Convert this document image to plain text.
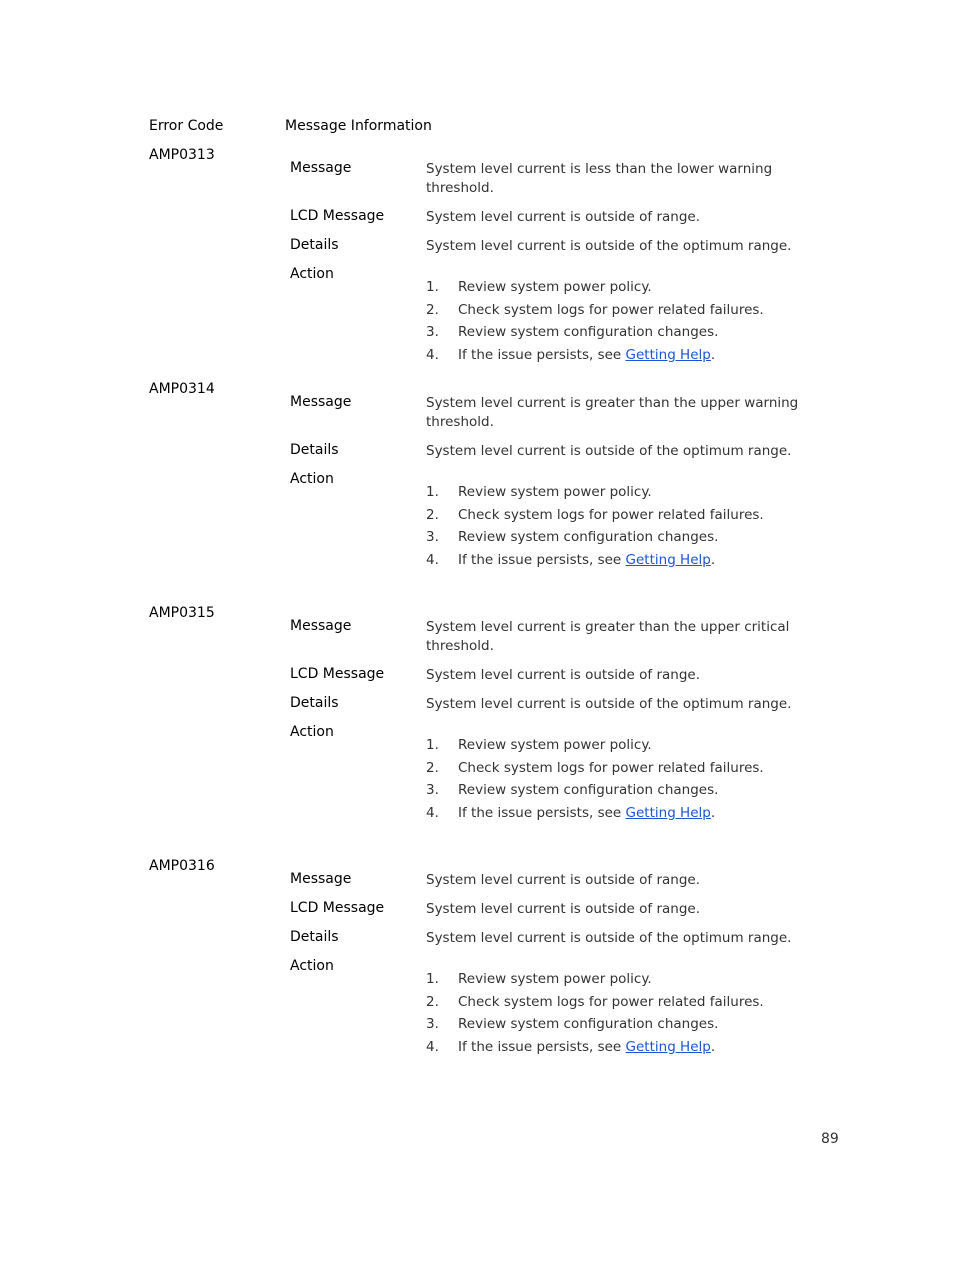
Error Code	Message Information
AMP0313
Message	System level current is less than the lower warning threshold.
LCD Message	System level current is outside of range.
Details	System level current is outside of the optimum range.
Action
1. Review system power policy.
2. Check system logs for power related failures.
3. Review system configuration changes.
4. If the issue persists, see Getting Help.
AMP0314
Message	System level current is greater than the upper warning threshold.
Details	System level current is outside of the optimum range.
Action
1. Review system power policy.
2. Check system logs for power related failures.
3. Review system configuration changes.
4. If the issue persists, see Getting Help.
AMP0315
Message	System level current is greater than the upper critical threshold.
LCD Message	System level current is outside of range.
Details	System level current is outside of the optimum range.
Action
1. Review system power policy.
2. Check system logs for power related failures.
3. Review system configuration changes.
4. If the issue persists, see Getting Help.
AMP0316
Message	System level current is outside of range.
LCD Message	System level current is outside of range.
Details	System level current is outside of the optimum range.
Action
1. Review system power policy.
2. Check system logs for power related failures.
3. Review system configuration changes.
4. If the issue persists, see Getting Help.
89
